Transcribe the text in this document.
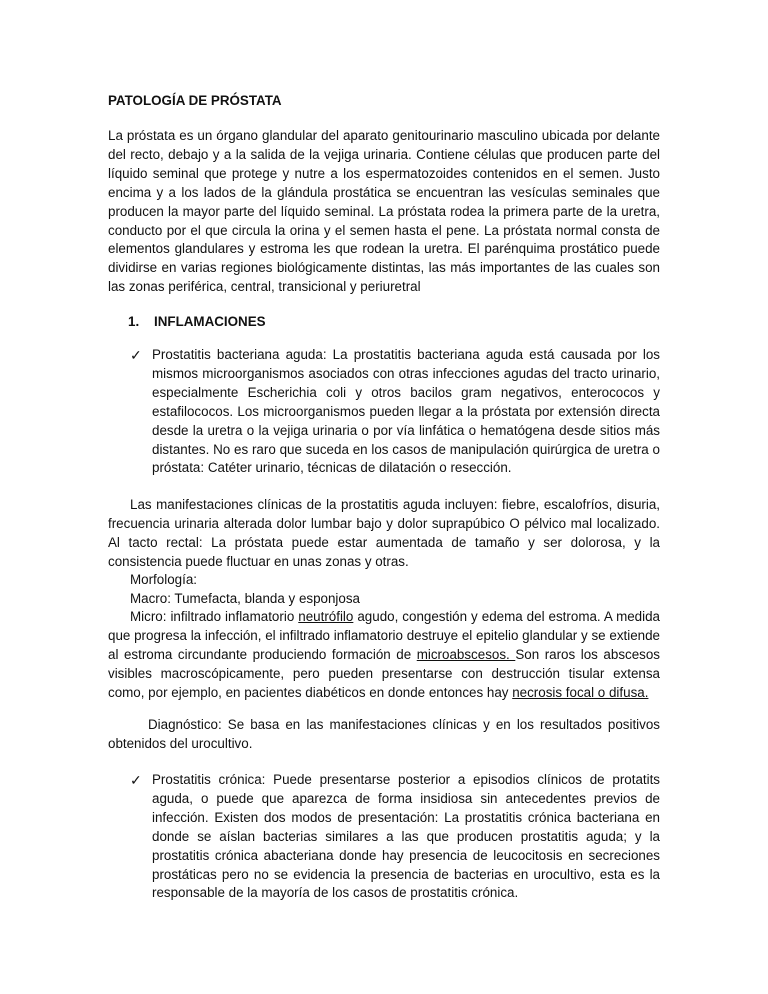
PATOLOGÍA DE PRÓSTATA

La próstata es un órgano glandular del aparato genitourinario masculino ubicada por delante del recto, debajo y a la salida de la vejiga urinaria. Contiene células que producen parte del líquido seminal que protege y nutre a los espermatozoides contenidos en el semen. Justo encima y a los lados de la glándula prostática se encuentran las vesículas seminales que producen la mayor parte del líquido seminal. La próstata rodea la primera parte de la uretra, conducto por el que circula la orina y el semen hasta el pene. La próstata normal consta de elementos glandulares y estroma les que rodean la uretra. El parénquima prostático puede dividirse en varias regiones biológicamente distintas, las más importantes de las cuales son las zonas periférica, central, transicional y periuretral

1. INFLAMACIONES
✓ Prostatitis bacteriana aguda: La prostatitis bacteriana aguda está causada por los mismos microorganismos asociados con otras infecciones agudas del tracto urinario, especialmente Escherichia coli y otros bacilos gram negativos, enterococos y estafilococos. Los microorganismos pueden llegar a la próstata por extensión directa desde la uretra o la vejiga urinaria o por vía linfática o hematógena desde sitios más distantes. No es raro que suceda en los casos de manipulación quirúrgica de uretra o próstata: Catéter urinario, técnicas de dilatación o resección.

Las manifestaciones clínicas de la prostatitis aguda incluyen: fiebre, escalofríos, disuria, frecuencia urinaria alterada dolor lumbar bajo y dolor suprapúbico O pélvico mal localizado. Al tacto rectal: La próstata puede estar aumentada de tamaño y ser dolorosa, y la consistencia puede fluctuar en unas zonas y otras.

Morfología:
Macro: Tumefacta, blanda y esponjosa

Micro: infiltrado inflamatorio neutrófilo agudo, congestión y edema del estroma. A medida que progresa la infección, el infiltrado inflamatorio destruye el epitelio glandular y se extiende al estroma circundante produciendo formación de microabscesos. Son raros los abscesos visibles macroscópicamente, pero pueden presentarse con destrucción tisular extensa como, por ejemplo, en pacientes diabéticos en donde entonces hay necrosis focal o difusa.

Diagnóstico: Se basa en las manifestaciones clínicas y en los resultados positivos obtenidos del urocultivo.

✓ Prostatitis crónica: Puede presentarse posterior a episodios clínicos de protatits aguda, o puede que aparezca de forma insidiosa sin antecedentes previos de infección. Existen dos modos de presentación: La prostatitis crónica bacteriana en donde se aíslan bacterias similares a las que producen prostatitis aguda; y la prostatitis crónica abacteriana donde hay presencia de leucocitosis en secreciones prostáticas pero no se evidencia la presencia de bacterias en urocultivo, esta es la responsable de la mayoría de los casos de prostatitis crónica.
